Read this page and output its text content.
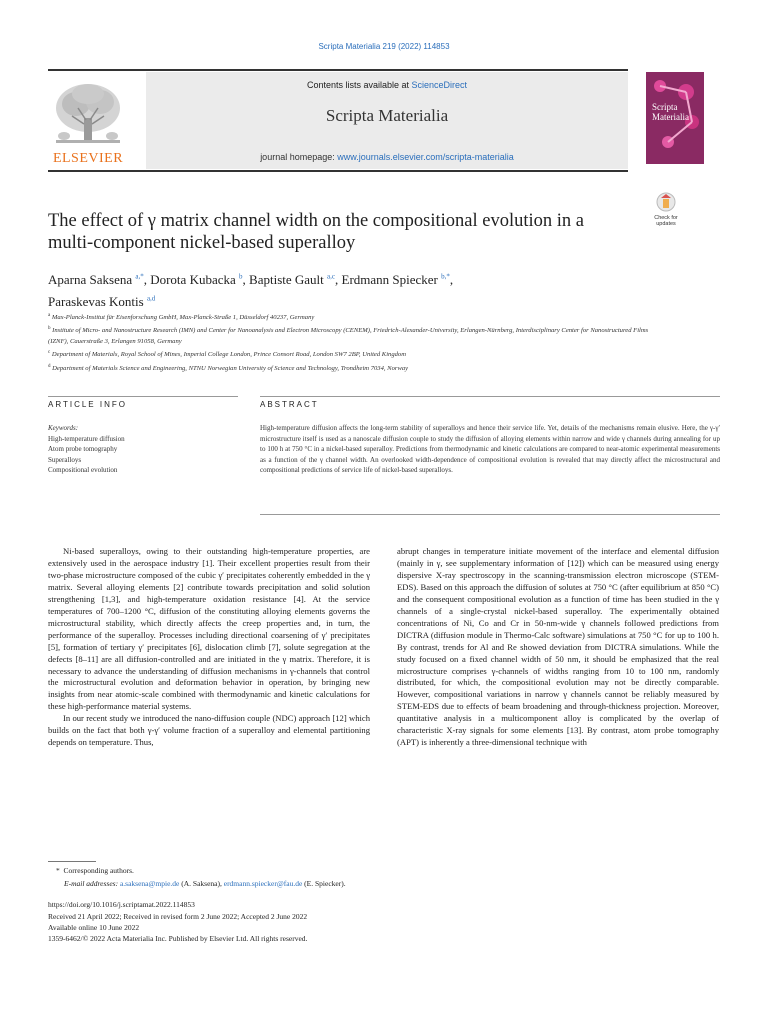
Scripta Materialia 219 (2022) 114853
Contents lists available at ScienceDirect
Scripta Materialia
journal homepage: www.journals.elsevier.com/scripta-materialia
ELSEVIER
Scripta
Materialia
Check for
updates
The effect of γ matrix channel width on the compositional evolution in a multi-component nickel-based superalloy
Aparna Saksena $^{a,*}$, Dorota Kubacka $^b$, Baptiste Gault $^{a,c}$, Erdmann Spiecker $^{b,*}$,
Paraskevas Kontis $^{a,d}$
$^a$ Max-Planck-Institut für Eisenforschung GmbH, Max-Planck-Straße 1, Düsseldorf 40237, Germany
$^b$ Institute of Micro- and Nanostructure Research (IMN) and Center for Nanoanalysis and Electron Microscopy (CENEM), Friedrich-Alexander-University, Erlangen-Nürnberg, Interdisciplinary Center for Nanostructured Films (IZNF), Cauerstraße 3, Erlangen 91058, Germany
$^c$ Department of Materials, Royal School of Mines, Imperial College London, Prince Consort Road, London SW7 2BP, United Kingdom
$^d$ Department of Materials Science and Engineering, NTNU Norwegian University of Science and Technology, Trondheim 7034, Norway
ARTICLE INFO	ABSTRACT
Keywords:
High-temperature diffusion
Atom probe tomography
Superalloys
Compositional evolution
High-temperature diffusion affects the long-term stability of superalloys and hence their service life. Yet, details of the mechanisms remain elusive. Here, the γ-γ′ microstructure itself is used as a nanoscale diffusion couple to study the diffusion of alloying elements within narrow and wide γ channels during annealing for up to 100 h at 750 °C in a nickel-based superalloy. Predictions from thermodynamic and kinetic calculations are compared to near-atomic experimental measurements as a function of the γ channel width. An overlooked width-dependence of compositional evolution is revealed that may directly affect the microstructural and compositional predictions of service life of nickel-based superalloys.

Ni-based superalloys, owing to their outstanding high-temperature properties, are extensively used in the aerospace industry [1]. Their excellent properties result from their two-phase microstructure composed of the cubic γ′ precipitates coherently embedded in the γ matrix. Several alloying elements [2] contribute towards precipitation and solid solution strengthening [1,3], and high-temperature oxidation resistance [4]. At the service temperatures of 700–1200 °C, diffusion of the constituting alloying elements governs the microstructural stability, which directly affects the creep properties and, in turn, the performance of the superalloy. Processes including directional coarsening of γ′ precipitates [5], formation of tertiary γ′ precipitates [6], dislocation climb [7], solute segregation at the defects [8–11] are all diffusion-controlled and are initiated in the γ matrix. Therefore, it is necessary to advance the understanding of diffusion mechanisms in γ-channels that control the microstructural evolution and deformation behavior in operation, by bringing new insights from near atomic-scale combined with thermodynamic and kinetic calculations for these high-performance material systems.

In our recent study we introduced the nano-diffusion couple (NDC) approach [12] which builds on the fact that both γ-γ′ volume fraction of a superalloy and elemental partitioning depends on temperature. Thus,

abrupt changes in temperature initiate movement of the interface and elemental diffusion (mainly in γ, see supplementary information of [12]) which can be measured using energy dispersive X-ray spectroscopy in the scanning-transmission electron microscope (STEM-EDS). Based on this approach the diffusion of solutes at 750 °C (after equilibrium at 850 °C) and the consequent compositional evolution as a function of time has been studied in the γ channels of a single-crystal nickel-based superalloy. The experimentally obtained concentrations of Ni, Co and Cr in 50-nm-wide γ channels followed predictions from DICTRA (diffusion module in Thermo-Calc software) simulations at 750 °C for up to 100 h. By contrast, trends for Al and Re showed deviation from DICTRA simulations. While the study focused on a fixed channel width of 50 nm, it should be emphasized that the real microstructure comprises γ-channels of widths ranging from 10 to 100 nm, randomly distributed, for which, the compositional evolution may not be directly comparable. However, compositional variations in narrow γ channels cannot be reliably measured by STEM-EDS due to effects of beam broadening and through-thickness projection. Moreover, quantitative analysis in a multicomponent alloy is complicated by the overlap of characteristic X-ray signals for some elements [13]. By contrast, atom probe tomography (APT) is inherently a three-dimensional technique with

* Corresponding authors.
E-mail addresses: a.saksena@mpie.de (A. Saksena), erdmann.spiecker@fau.de (E. Spiecker).
https://doi.org/10.1016/j.scriptamat.2022.114853
Received 21 April 2022; Received in revised form 2 June 2022; Accepted 2 June 2022
Available online 10 June 2022
1359-6462/© 2022 Acta Materialia Inc. Published by Elsevier Ltd. All rights reserved.
